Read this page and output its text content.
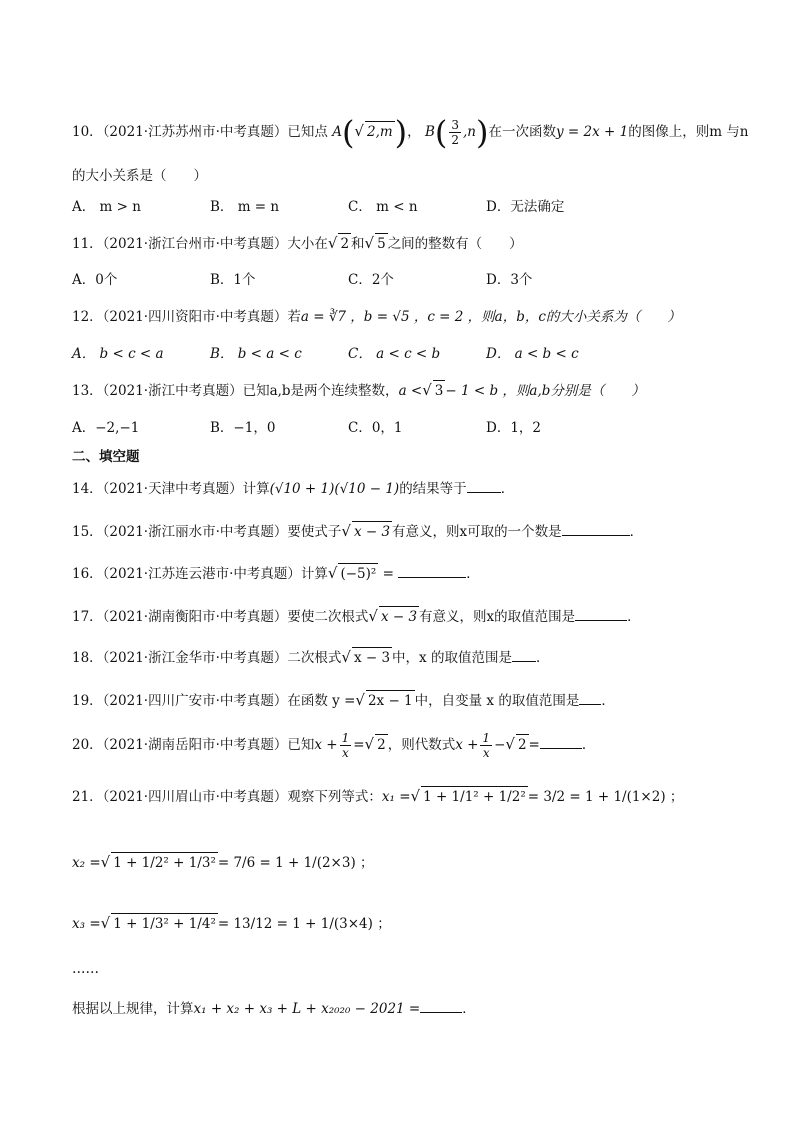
10．（2021·江苏苏州市·中考真题）已知点 A(√ 2,m)， $B( \frac{3}{2} ,n)$在一次函数y = 2x + 1的图像上，则m 与n
的大小关系是（　　）
A． m > n	B． m = n	C． m < n	D．无法确定
11．（2021·浙江台州市·中考真题）大小在√ 2 和√ 5 之间的整数有（　　）
A．0个	B．1个	C．2个	D．3个
12．（2021·四川资阳市·中考真题）若a = ∛7 ，b = √5 ，c = 2 ，则a，b，c的大小关系为（　　）
A． b < c < a	B． b < a < c	C． a < c < b	D． a < b < c
13．（2021·浙江中考真题）已知a,b是两个连续整数，a <√ 3 − 1 < b ，则a,b分别是（　　）
A．−2,−1	B．−1，0	C．0，1	D．1，2
二、填空题
14．（2021·天津中考真题）计算(√10 + 1)(√10 − 1)的结果等于	．
15．（2021·浙江丽水市·中考真题）要使式子√ x − 3 有意义，则x可取的一个数是	．
16．（2021·江苏连云港市·中考真题）计算√ (−5)² =	．
17．（2021·湖南衡阳市·中考真题）要使二次根式√ x − 3 有意义，则x的取值范围是	．
18．（2021·浙江金华市·中考真题）二次根式√ x − 3 中，x 的取值范围是 ．
19．（2021·四川广安市·中考真题）在函数 y =√ 2x − 1 中，自变量 x 的取值范围是 ．
20．（2021·湖南岳阳市·中考真题）已知$x + \frac{1}{x}$ =√ 2 ，则代数式$x + \frac{1}{x}$ −√ 2 =	．
21．（2021·四川眉山市·中考真题）观察下列等式：x₁ =√ 1 + 1/1² + 1/2² = 3/2 = 1 + 1/(1×2) ；
x₂ =√ 1 + 1/2² + 1/3² = 7/6 = 1 + 1/(2×3) ；
x₃ =√ 1 + 1/3² + 1/4² = 13/12 = 1 + 1/(3×4) ；
……
根据以上规律，计算x₁ + x₂ + x₃ + L + x₂₀₂₀ − 2021 =	．
